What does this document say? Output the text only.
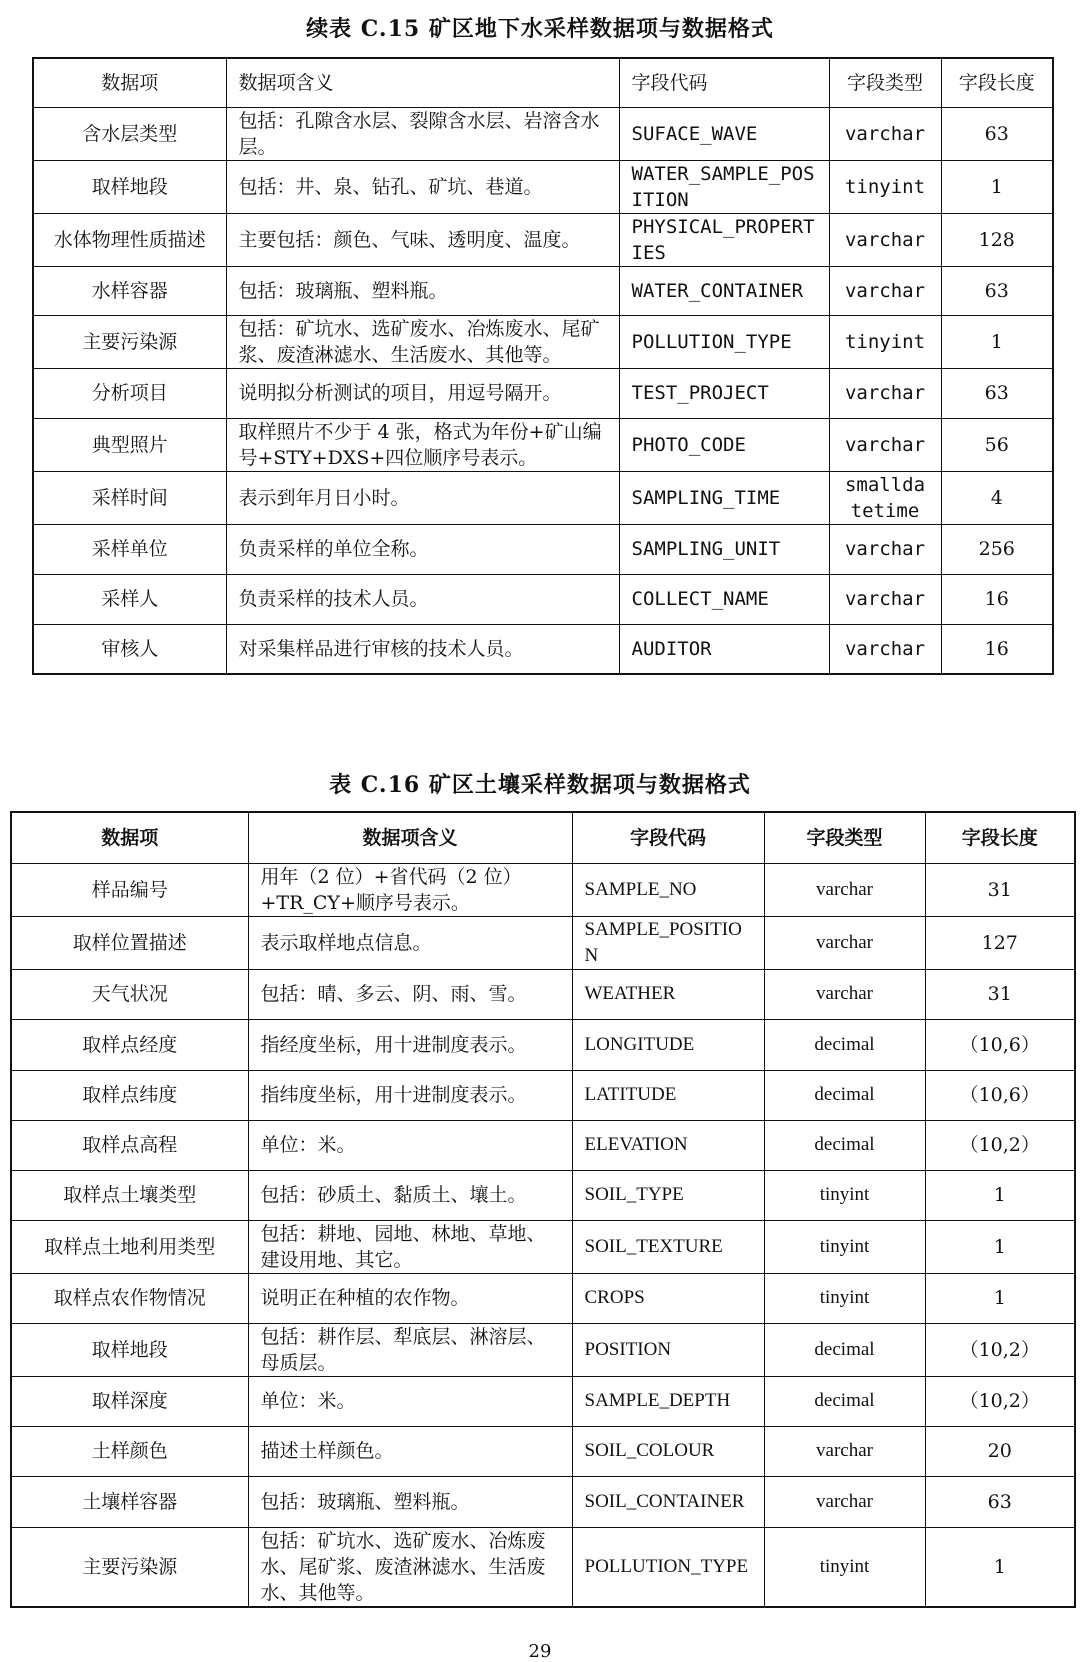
续表 C.15 矿区地下水采样数据项与数据格式
数据项	数据项含义	字段代码	字段类型	字段长度
含水层类型	包括：孔隙含水层、裂隙含水层、岩溶含水层。	SUFACE_WAVE	varchar	63
取样地段	包括：井、泉、钻孔、矿坑、巷道。	WATER_SAMPLE_POSITION	tinyint	1
水体物理性质描述	主要包括：颜色、气味、透明度、温度。	PHYSICAL_PROPERTIES	varchar	128
水样容器	包括：玻璃瓶、塑料瓶。	WATER_CONTAINER	varchar	63
主要污染源	包括：矿坑水、选矿废水、冶炼废水、尾矿浆、废渣淋滤水、生活废水、其他等。	POLLUTION_TYPE	tinyint	1
分析项目	说明拟分析测试的项目，用逗号隔开。	TEST_PROJECT	varchar	63
典型照片	取样照片不少于 4 张，格式为年份+矿山编号+STY+DXS+四位顺序号表示。	PHOTO_CODE	varchar	56
采样时间	表示到年月日小时。	SAMPLING_TIME	smalldatetime	4
采样单位	负责采样的单位全称。	SAMPLING_UNIT	varchar	256
采样人	负责采样的技术人员。	COLLECT_NAME	varchar	16
审核人	对采集样品进行审核的技术人员。	AUDITOR	varchar	16
表 C.16 矿区土壤采样数据项与数据格式
数据项	数据项含义	字段代码	字段类型	字段长度
样品编号	用年（2 位）+省代码（2 位）+TR_CY+顺序号表示。	SAMPLE_NO	varchar	31
取样位置描述	表示取样地点信息。	SAMPLE_POSITION	varchar	127
天气状况	包括：晴、多云、阴、雨、雪。	WEATHER	varchar	31
取样点经度	指经度坐标，用十进制度表示。	LONGITUDE	decimal	（10,6）
取样点纬度	指纬度坐标，用十进制度表示。	LATITUDE	decimal	（10,6）
取样点高程	单位：米。	ELEVATION	decimal	（10,2）
取样点土壤类型	包括：砂质土、黏质土、壤土。	SOIL_TYPE	tinyint	1
取样点土地利用类型	包括：耕地、园地、林地、草地、建设用地、其它。	SOIL_TEXTURE	tinyint	1
取样点农作物情况	说明正在种植的农作物。	CROPS	tinyint	1
取样地段	包括：耕作层、犁底层、淋溶层、母质层。	POSITION	decimal	（10,2）
取样深度	单位：米。	SAMPLE_DEPTH	decimal	（10,2）
土样颜色	描述土样颜色。	SOIL_COLOUR	varchar	20
土壤样容器	包括：玻璃瓶、塑料瓶。	SOIL_CONTAINER	varchar	63
主要污染源	包括：矿坑水、选矿废水、冶炼废水、尾矿浆、废渣淋滤水、生活废水、其他等。	POLLUTION_TYPE	tinyint	1
29
